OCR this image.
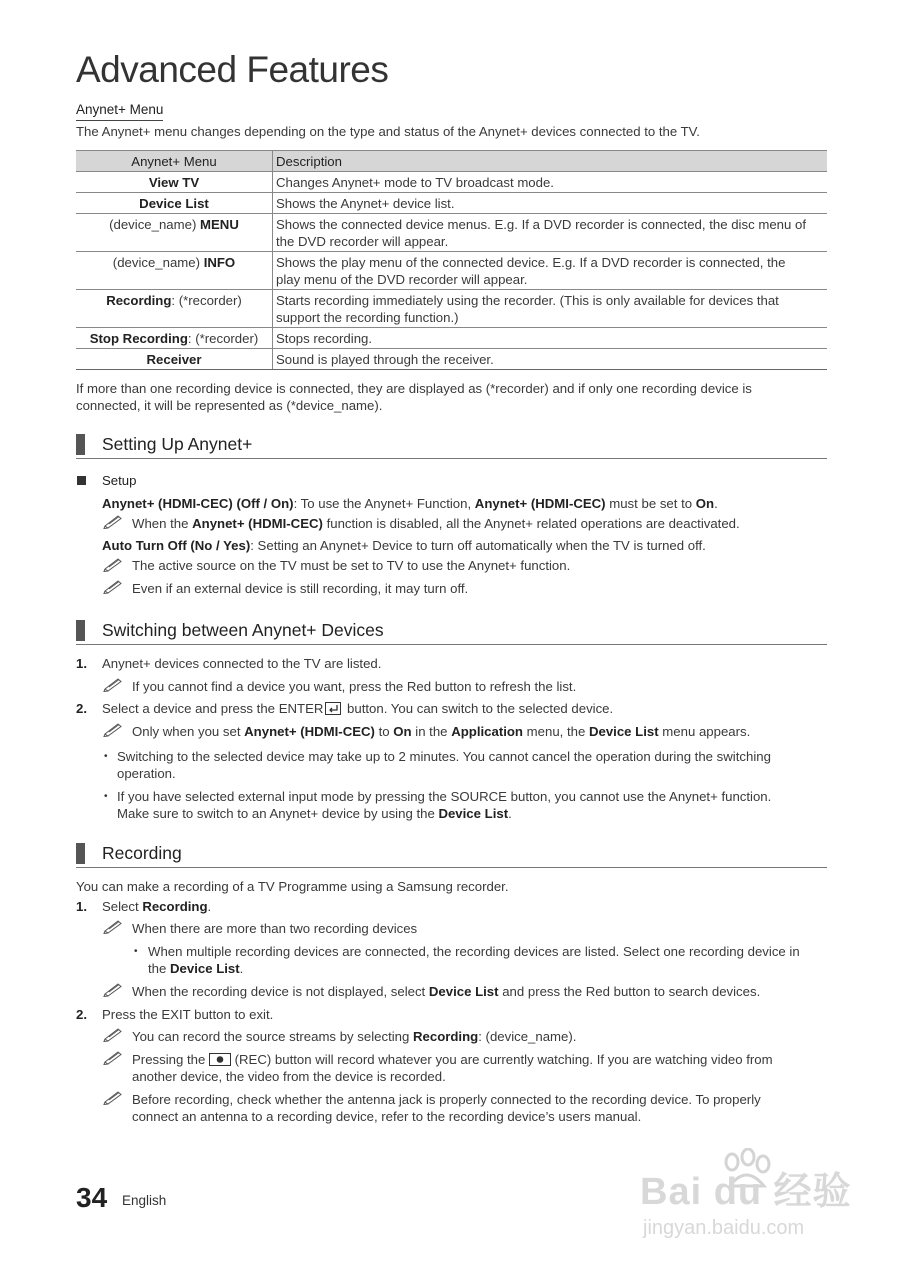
Advanced Features
Anynet+ Menu
The Anynet+ menu changes depending on the type and status of the Anynet+ devices connected to the TV.
Anynet+ Menu	Description
View TV	Changes Anynet+ mode to TV broadcast mode.
Device List	Shows the Anynet+ device list.
(device_name) MENU	Shows the connected device menus. E.g. If a DVD recorder is connected, the disc menu of
the DVD recorder will appear.

(device_name) INFO	Shows the play menu of the connected device. E.g. If a DVD recorder is connected, the
play menu of the DVD recorder will appear.

Recording: (*recorder)	Starts recording immediately using the recorder. (This is only available for devices that
support the recording function.)

Stop Recording: (*recorder)	Stops recording.
Receiver	Sound is played through the receiver.
If more than one recording device is connected, they are displayed as (*recorder) and if only one recording device is
connected, it will be represented as (*device_name).
Setting Up Anynet+
Setup
Anynet+ (HDMI-CEC) (Off / On): To use the Anynet+ Function, Anynet+ (HDMI-CEC) must be set to On.
When the Anynet+ (HDMI-CEC) function is disabled, all the Anynet+ related operations are deactivated.
Auto Turn Off (No / Yes): Setting an Anynet+ Device to turn off automatically when the TV is turned off.
The active source on the TV must be set to TV to use the Anynet+ function.
Even if an external device is still recording, it may turn off.
Switching between Anynet+ Devices
1. Anynet+ devices connected to the TV are listed.
If you cannot find a device you want, press the Red button to refresh the list.
2. Select a device and press the ENTER button. You can switch to the selected device.
Only when you set Anynet+ (HDMI-CEC) to On in the Application menu, the Device List menu appears.
• Switching to the selected device may take up to 2 minutes. You cannot cancel the operation during the switching
operation.
• If you have selected external input mode by pressing the SOURCE button, you cannot use the Anynet+ function.
Make sure to switch to an Anynet+ device by using the Device List.
Recording
You can make a recording of a TV Programme using a Samsung recorder.
1. Select Recording.
When there are more than two recording devices
• When multiple recording devices are connected, the recording devices are listed. Select one recording device in
the Device List.
When the recording device is not displayed, select Device List and press the Red button to search devices.
2. Press the EXIT button to exit.
You can record the source streams by selecting Recording: (device_name).
Pressing the  (REC) button will record whatever you are currently watching. If you are watching video from
another device, the video from the device is recorded.
Before recording, check whether the antenna jack is properly connected to the recording device. To properly
connect an antenna to a recording device, refer to the recording device’s users manual.
34 English	Bai du 经验
jingyan.baidu.com
